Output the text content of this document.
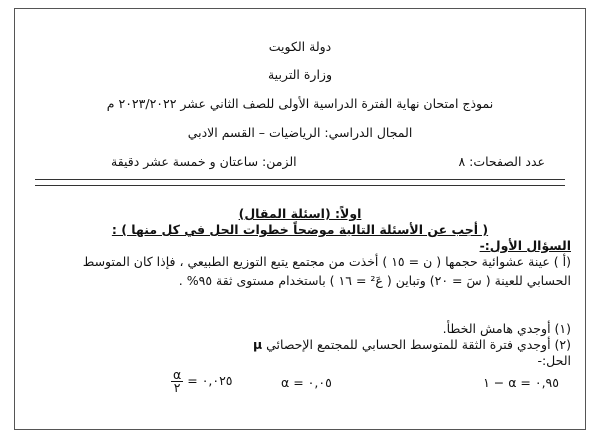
دولة الكويت
وزارة التربية
نموذج امتحان نهاية الفترة الدراسية الأولى للصف الثاني عشر ٢٠٢٣/٢٠٢٢ م
المجال الدراسي: الرياضيات – القسم الادبي
عدد الصفحات: ٨
الزمن: ساعتان و خمسة عشر دقيقة
اولاً: (اسئلة المقال)
( أجب عن الأسئلة التالية موضحاً خطوات الحل في كل منها ) :
السؤال الأول:-
(أ ) عينة عشوائية حجمها ( ن = ١٥ ) أخذت من مجتمع يتبع التوزيع الطبيعي ، فإذا كان المتوسط
الحسابي للعينة ( سَ = ٢٠) وتباين ( عَ² = ١٦ ) باستخدام مستوى ثقة ٩٥% .
(١) أوجدي هامش الخطأ.
(٢) أوجدي فترة الثقة للمتوسط الحسابي للمجتمع الإحصائي μ
الحل:-
١ − α = ٠,٩٥
α = ٠,٠٥
$\frac{\alpha}{٢}$ = ٠,٠٢٥
